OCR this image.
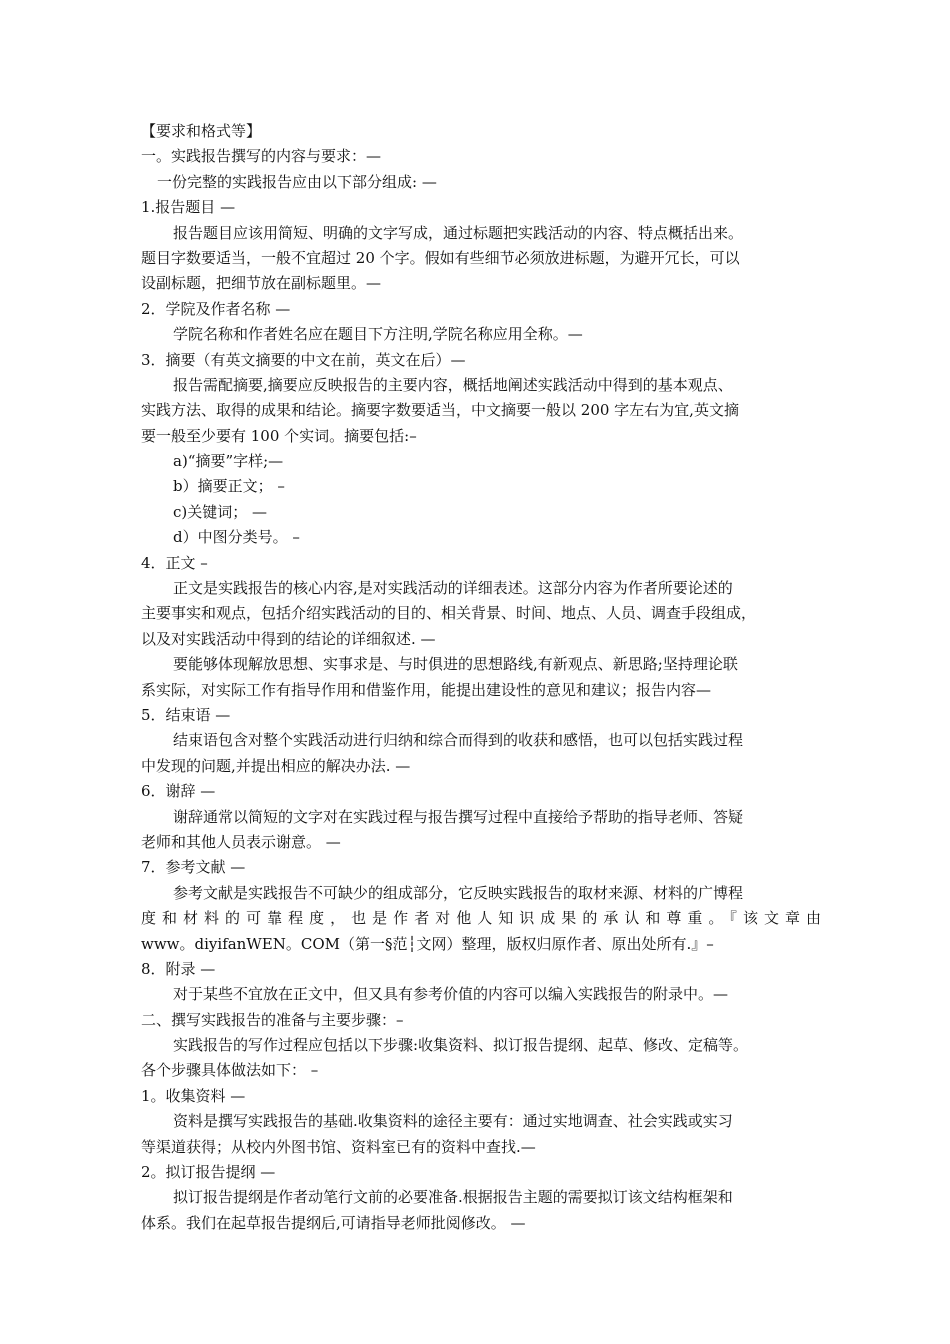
【要求和格式等】
一。实践报告撰写的内容与要求：—
一份完整的实践报告应由以下部分组成: —
1.报告题目 —
报告题目应该用简短、明确的文字写成，通过标题把实践活动的内容、特点概括出来。
题目字数要适当，一般不宜超过 20 个字。假如有些细节必须放进标题，为避开冗长，可以
设副标题，把细节放在副标题里。—
2．学院及作者名称 —
学院名称和作者姓名应在题目下方注明,学院名称应用全称。—
3．摘要（有英文摘要的中文在前，英文在后）—
报告需配摘要,摘要应反映报告的主要内容，概括地阐述实践活动中得到的基本观点、
实践方法、取得的成果和结论。摘要字数要适当，中文摘要一般以 200 字左右为宜,英文摘
要一般至少要有 100 个实词。摘要包括:–
a)“摘要”字样;—
b）摘要正文； –
c)关键词； —
d）中图分类号。 –
4．正文 –
正文是实践报告的核心内容,是对实践活动的详细表述。这部分内容为作者所要论述的
主要事实和观点，包括介绍实践活动的目的、相关背景、时间、地点、人员、调查手段组成，
以及对实践活动中得到的结论的详细叙述. —
要能够体现解放思想、实事求是、与时俱进的思想路线,有新观点、新思路;坚持理论联
系实际，对实际工作有指导作用和借鉴作用，能提出建设性的意见和建议；报告内容—
5．结束语 —
结束语包含对整个实践活动进行归纳和综合而得到的收获和感悟，也可以包括实践过程
中发现的问题,并提出相应的解决办法. —
6．谢辞 —
谢辞通常以简短的文字对在实践过程与报告撰写过程中直接给予帮助的指导老师、答疑
老师和其他人员表示谢意。 —
7．参考文献 —
参考文献是实践报告不可缺少的组成部分，它反映实践报告的取材来源、材料的广博程
度和材料的可靠程度，也是作者对他人知识成果的承认和尊重。『该文章由
www。diyifanWEN。COM（第一§范┆文网）整理，版权归原作者、原出处所有.』–
8．附录 —
对于某些不宜放在正文中，但又具有参考价值的内容可以编入实践报告的附录中。—
二、撰写实践报告的准备与主要步骤：–
实践报告的写作过程应包括以下步骤:收集资料、拟订报告提纲、起草、修改、定稿等。
各个步骤具体做法如下： –
1。收集资料 —
资料是撰写实践报告的基础.收集资料的途径主要有：通过实地调查、社会实践或实习
等渠道获得；从校内外图书馆、资料室已有的资料中查找.—
2。拟订报告提纲 —
拟订报告提纲是作者动笔行文前的必要准备.根据报告主题的需要拟订该文结构框架和
体系。我们在起草报告提纲后,可请指导老师批阅修改。 —
